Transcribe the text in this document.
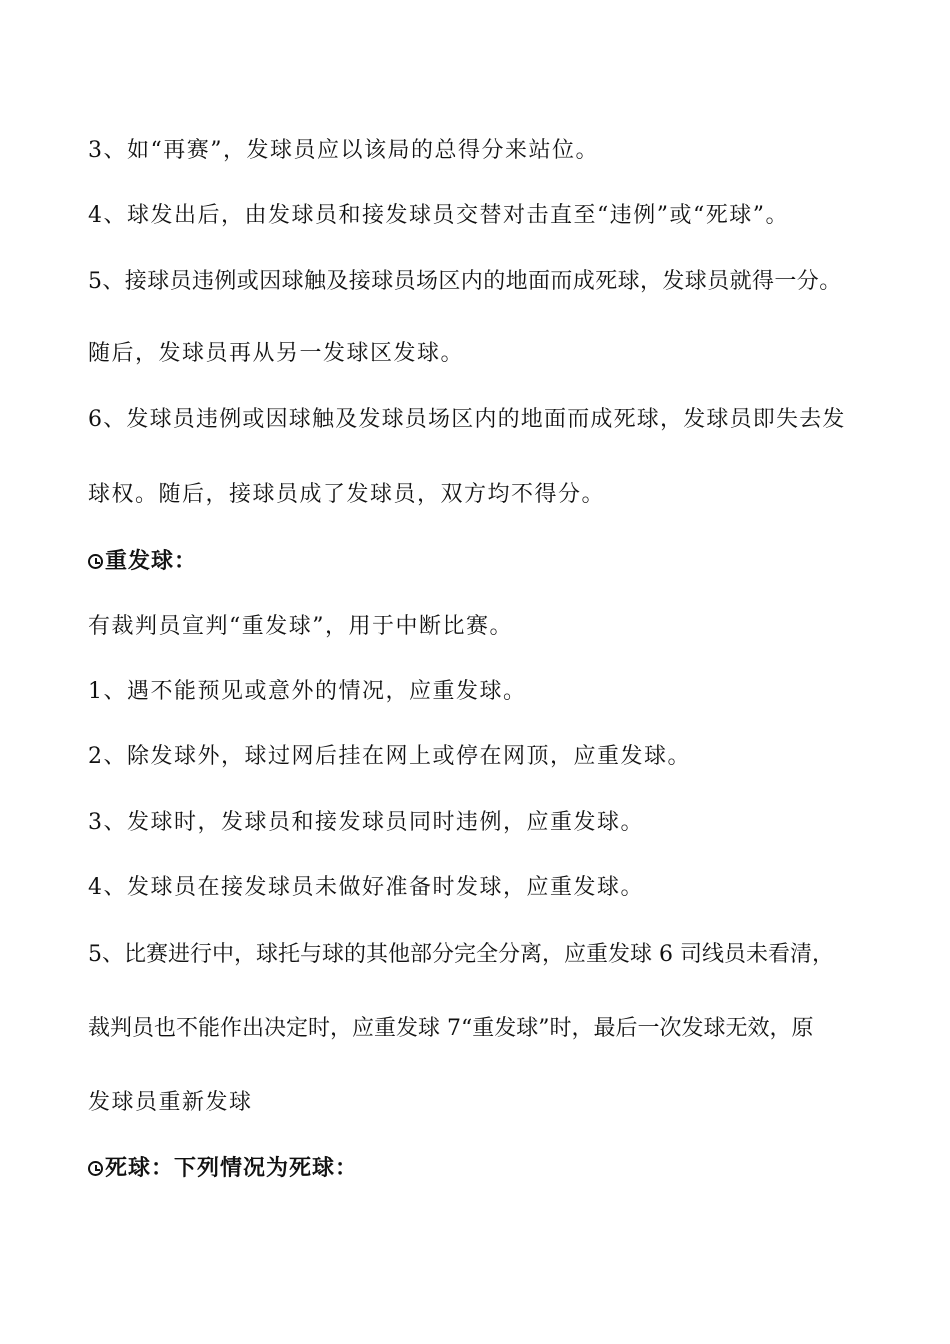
3、如“再赛”，发球员应以该局的总得分来站位。
4、球发出后，由发球员和接发球员交替对击直至“违例”或“死球”。
5、接球员违例或因球触及接球员场区内的地面而成死球，发球员就得一分。
随后，发球员再从另一发球区发球。
6、发球员违例或因球触及发球员场区内的地面而成死球，发球员即失去发
球权。随后，接球员成了发球员，双方均不得分。
重发球：
有裁判员宣判“重发球”，用于中断比赛。
1、遇不能预见或意外的情况，应重发球。
2、除发球外，球过网后挂在网上或停在网顶，应重发球。
3、发球时，发球员和接发球员同时违例，应重发球。
4、发球员在接发球员未做好准备时发球，应重发球。
5、比赛进行中，球托与球的其他部分完全分离，应重发球 6 司线员未看清，
裁判员也不能作出决定时，应重发球 7“重发球”时，最后一次发球无效，原
发球员重新发球
死球：下列情况为死球：
